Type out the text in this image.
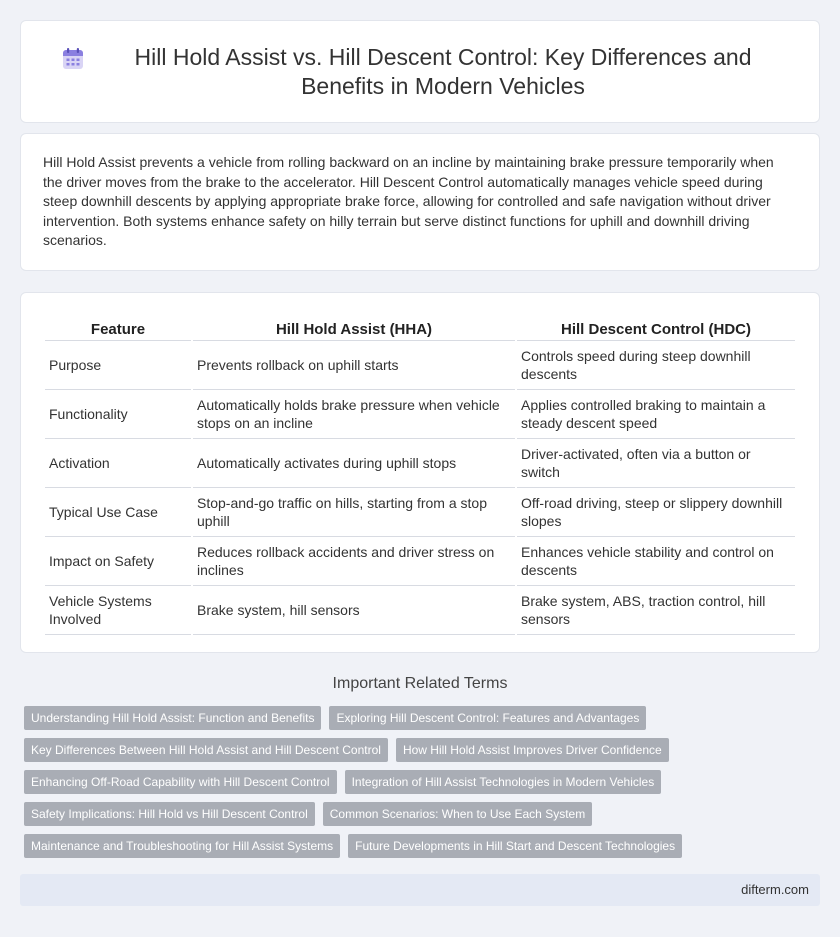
Hill Hold Assist vs. Hill Descent Control: Key Differences and Benefits in Modern Vehicles

Hill Hold Assist prevents a vehicle from rolling backward on an incline by maintaining brake pressure temporarily when the driver moves from the brake to the accelerator. Hill Descent Control automatically manages vehicle speed during steep downhill descents by applying appropriate brake force, allowing for controlled and safe navigation without driver intervention. Both systems enhance safety on hilly terrain but serve distinct functions for uphill and downhill driving scenarios.

Feature	Hill Hold Assist (HHA)	Hill Descent Control (HDC)
Purpose	Prevents rollback on uphill starts	Controls speed during steep downhill descents
Functionality	Automatically holds brake pressure when vehicle stops on an incline	Applies controlled braking to maintain a steady descent speed
Activation	Automatically activates during uphill stops	Driver-activated, often via a button or switch
Typical Use Case	Stop-and-go traffic on hills, starting from a stop uphill	Off-road driving, steep or slippery downhill slopes
Impact on Safety	Reduces rollback accidents and driver stress on inclines	Enhances vehicle stability and control on descents
Vehicle Systems Involved	Brake system, hill sensors	Brake system, ABS, traction control, hill sensors
Important Related Terms
Understanding Hill Hold Assist: Function and Benefits	Exploring Hill Descent Control: Features and Advantages
Key Differences Between Hill Hold Assist and Hill Descent Control	How Hill Hold Assist Improves Driver Confidence
Enhancing Off-Road Capability with Hill Descent Control	Integration of Hill Assist Technologies in Modern Vehicles
Safety Implications: Hill Hold vs Hill Descent Control	Common Scenarios: When to Use Each System
Maintenance and Troubleshooting for Hill Assist Systems	Future Developments in Hill Start and Descent Technologies
difterm.com
